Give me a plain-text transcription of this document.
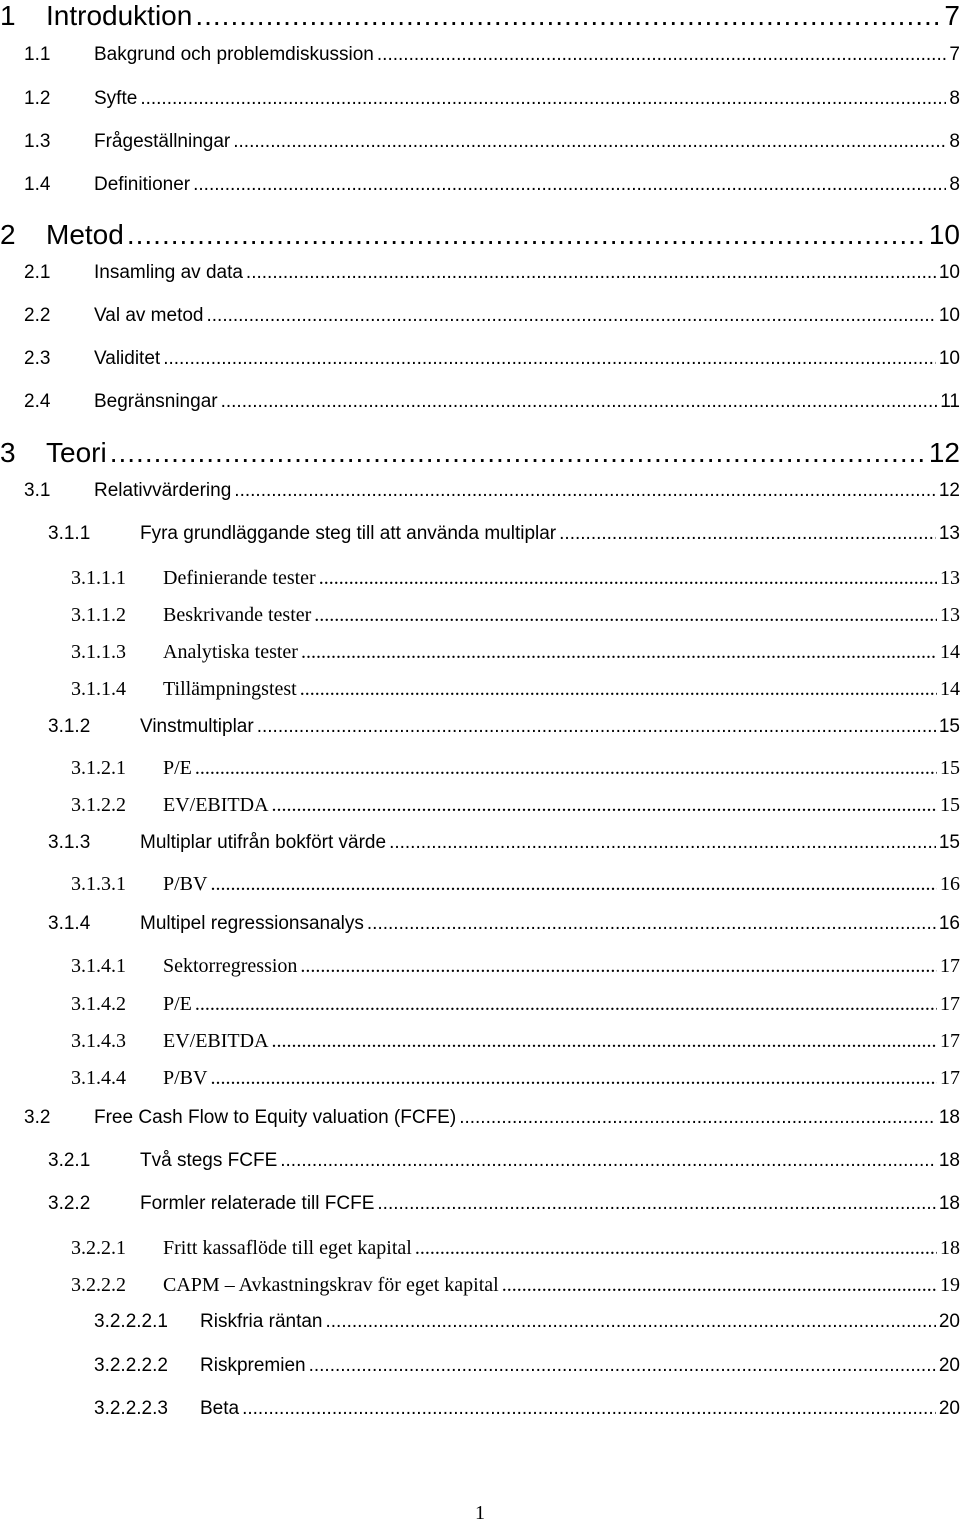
1	Introduktion .....	7
1.1	Bakgrund och problemdiskussion .....	7
1.2	Syfte .....	8
1.3	Frågeställningar .....	8
1.4	Definitioner .....	8
2	Metod .....	10
2.1	Insamling av data .....	10
2.2	Val av metod .....	10
2.3	Validitet .....	10
2.4	Begränsningar .....	11
3	Teori .....	12
3.1	Relativvärdering .....	12
3.1.1	Fyra grundläggande steg till att använda multiplar .....	13
3.1.1.1	Definierande tester .....	13
3.1.1.2	Beskrivande tester .....	13
3.1.1.3	Analytiska tester .....	14
3.1.1.4	Tillämpningstest .....	14
3.1.2	Vinstmultiplar .....	15
3.1.2.1	P/E .....	15
3.1.2.2	EV/EBITDA .....	15
3.1.3	Multiplar utifrån bokfört värde .....	15
3.1.3.1	P/BV .....	16
3.1.4	Multipel regressionsanalys .....	16
3.1.4.1	Sektorregression .....	17
3.1.4.2	P/E .....	17
3.1.4.3	EV/EBITDA .....	17
3.1.4.4	P/BV .....	17
3.2	Free Cash Flow to Equity valuation (FCFE) .....	18
3.2.1	Två stegs FCFE .....	18
3.2.2	Formler relaterade till FCFE .....	18
3.2.2.1	Fritt kassaflöde till eget kapital .....	18
3.2.2.2	CAPM – Avkastningskrav för eget kapital .....	19
3.2.2.2.1	Riskfria räntan .....	20
3.2.2.2.2	Riskpremien .....	20
3.2.2.2.3	Beta .....	20
1
